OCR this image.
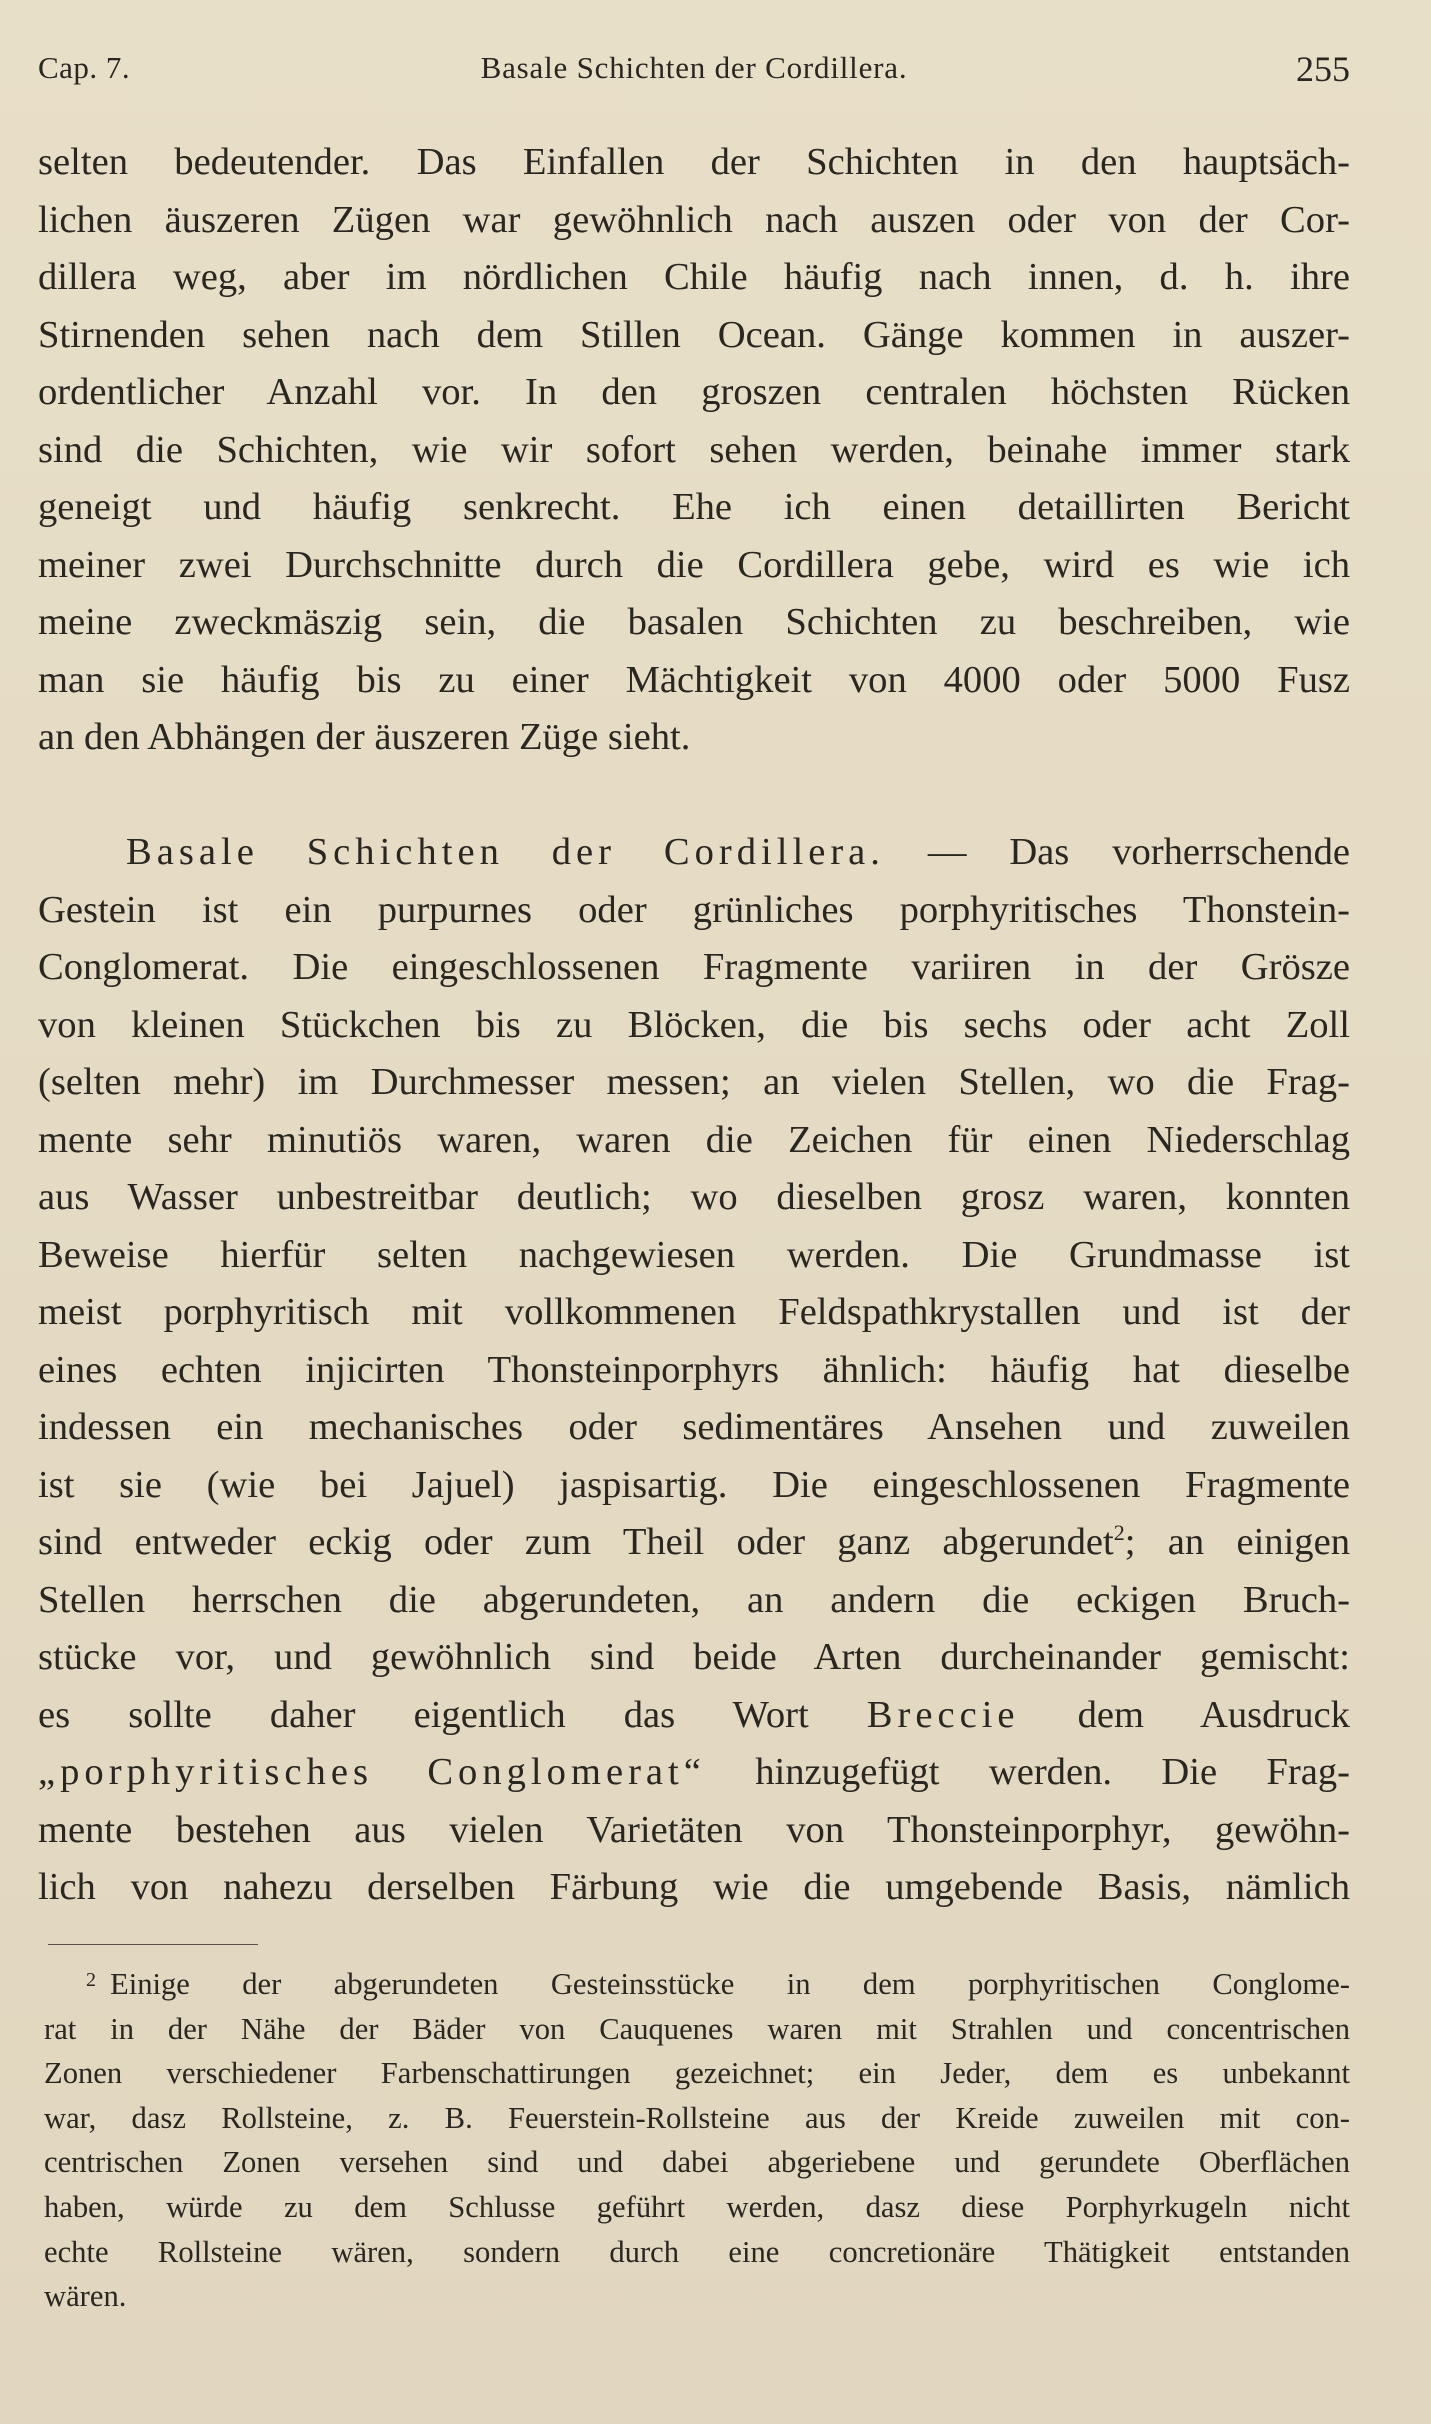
Cap. 7.	Basale Schichten der Cordillera.	255
selten bedeutender. Das Einfallen der Schichten in den hauptsäch-
lichen äuszeren Zügen war gewöhnlich nach auszen oder von der Cor-
dillera weg, aber im nördlichen Chile häufig nach innen, d. h. ihre
Stirnenden sehen nach dem Stillen Ocean. Gänge kommen in auszer-
ordentlicher Anzahl vor. In den groszen centralen höchsten Rücken
sind die Schichten, wie wir sofort sehen werden, beinahe immer stark
geneigt und häufig senkrecht. Ehe ich einen detaillirten Bericht
meiner zwei Durchschnitte durch die Cordillera gebe, wird es wie ich
meine zweckmäszig sein, die basalen Schichten zu beschreiben, wie
man sie häufig bis zu einer Mächtigkeit von 4000 oder 5000 Fusz
an den Abhängen der äuszeren Züge sieht.
Basale Schichten der Cordillera. — Das vorherrschende
Gestein ist ein purpurnes oder grünliches porphyritisches Thonstein-
Conglomerat. Die eingeschlossenen Fragmente variiren in der Grösze
von kleinen Stückchen bis zu Blöcken, die bis sechs oder acht Zoll
(selten mehr) im Durchmesser messen; an vielen Stellen, wo die Frag-
mente sehr minutiös waren, waren die Zeichen für einen Niederschlag
aus Wasser unbestreitbar deutlich; wo dieselben grosz waren, konnten
Beweise hierfür selten nachgewiesen werden. Die Grundmasse ist
meist porphyritisch mit vollkommenen Feldspathkrystallen und ist der
eines echten injicirten Thonsteinporphyrs ähnlich: häufig hat dieselbe
indessen ein mechanisches oder sedimentäres Ansehen und zuweilen
ist sie (wie bei Jajuel) jaspisartig. Die eingeschlossenen Fragmente
sind entweder eckig oder zum Theil oder ganz abgerundet$^2$; an einigen
Stellen herrschen die abgerundeten, an andern die eckigen Bruch-
stücke vor, und gewöhnlich sind beide Arten durcheinander gemischt:
es sollte daher eigentlich das Wort Breccie dem Ausdruck
„porphyritisches Conglomerat“ hinzugefügt werden. Die Frag-
mente bestehen aus vielen Varietäten von Thonsteinporphyr, gewöhn-
lich von nahezu derselben Färbung wie die umgebende Basis, nämlich
$^2$ Einige der abgerundeten Gesteinsstücke in dem porphyritischen Conglome-
rat in der Nähe der Bäder von Cauquenes waren mit Strahlen und concentrischen
Zonen verschiedener Farbenschattirungen gezeichnet; ein Jeder, dem es unbekannt
war, dasz Rollsteine, z. B. Feuerstein-Rollsteine aus der Kreide zuweilen mit con-
centrischen Zonen versehen sind und dabei abgeriebene und gerundete Oberflächen
haben, würde zu dem Schlusse geführt werden, dasz diese Porphyrkugeln nicht
echte Rollsteine wären, sondern durch eine concretionäre Thätigkeit entstanden
wären.
